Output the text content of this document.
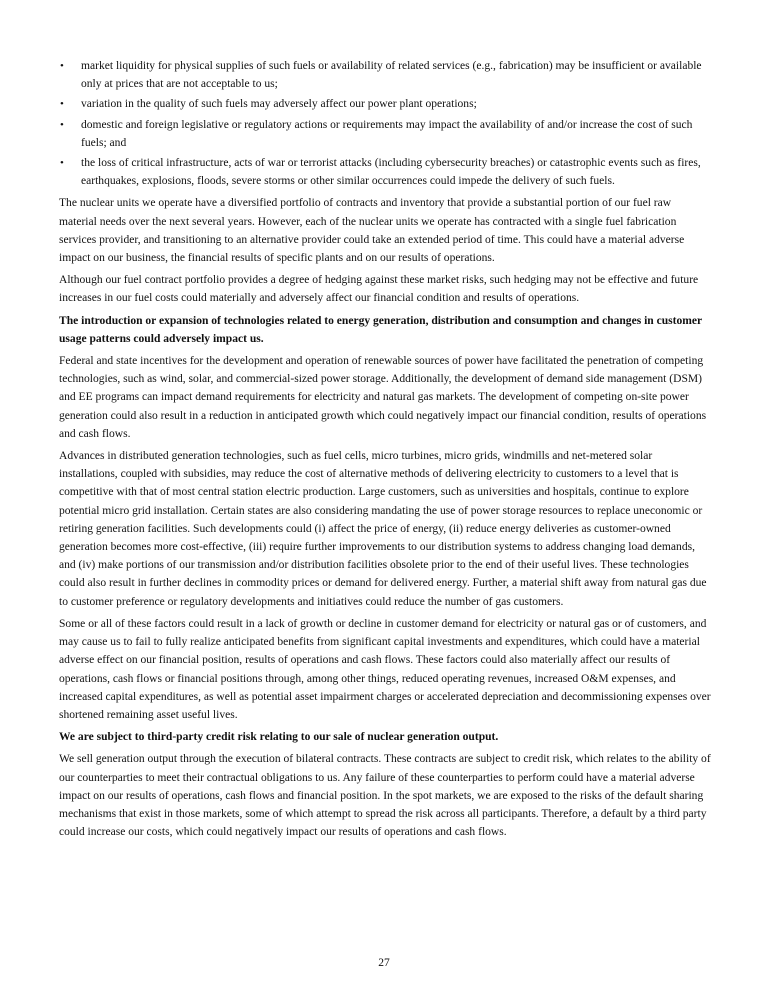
• market liquidity for physical supplies of such fuels or availability of related services (e.g., fabrication) may be insufficient or available only at prices that are not acceptable to us;
• variation in the quality of such fuels may adversely affect our power plant operations;
• domestic and foreign legislative or regulatory actions or requirements may impact the availability of and/or increase the cost of such fuels; and
• the loss of critical infrastructure, acts of war or terrorist attacks (including cybersecurity breaches) or catastrophic events such as fires, earthquakes, explosions, floods, severe storms or other similar occurrences could impede the delivery of such fuels.

The nuclear units we operate have a diversified portfolio of contracts and inventory that provide a substantial portion of our fuel raw material needs over the next several years. However, each of the nuclear units we operate has contracted with a single fuel fabrication services provider, and transitioning to an alternative provider could take an extended period of time. This could have a material adverse impact on our business, the financial results of specific plants and on our results of operations.

Although our fuel contract portfolio provides a degree of hedging against these market risks, such hedging may not be effective and future increases in our fuel costs could materially and adversely affect our financial condition and results of operations.

The introduction or expansion of technologies related to energy generation, distribution and consumption and changes in customer usage patterns could adversely impact us.

Federal and state incentives for the development and operation of renewable sources of power have facilitated the penetration of competing technologies, such as wind, solar, and commercial-sized power storage. Additionally, the development of demand side management (DSM) and EE programs can impact demand requirements for electricity and natural gas markets. The development of competing on-site power generation could also result in a reduction in anticipated growth which could negatively impact our financial condition, results of operations and cash flows.

Advances in distributed generation technologies, such as fuel cells, micro turbines, micro grids, windmills and net-metered solar installations, coupled with subsidies, may reduce the cost of alternative methods of delivering electricity to customers to a level that is competitive with that of most central station electric production. Large customers, such as universities and hospitals, continue to explore potential micro grid installation. Certain states are also considering mandating the use of power storage resources to replace uneconomic or retiring generation facilities. Such developments could (i) affect the price of energy, (ii) reduce energy deliveries as customer-owned generation becomes more cost-effective, (iii) require further improvements to our distribution systems to address changing load demands, and (iv) make portions of our transmission and/or distribution facilities obsolete prior to the end of their useful lives. These technologies could also result in further declines in commodity prices or demand for delivered energy. Further, a material shift away from natural gas due to customer preference or regulatory developments and initiatives could reduce the number of gas customers.

Some or all of these factors could result in a lack of growth or decline in customer demand for electricity or natural gas or of customers, and may cause us to fail to fully realize anticipated benefits from significant capital investments and expenditures, which could have a material adverse effect on our financial position, results of operations and cash flows. These factors could also materially affect our results of operations, cash flows or financial positions through, among other things, reduced operating revenues, increased O&M expenses, and increased capital expenditures, as well as potential asset impairment charges or accelerated depreciation and decommissioning expenses over shortened remaining asset useful lives.

We are subject to third-party credit risk relating to our sale of nuclear generation output.

We sell generation output through the execution of bilateral contracts. These contracts are subject to credit risk, which relates to the ability of our counterparties to meet their contractual obligations to us. Any failure of these counterparties to perform could have a material adverse impact on our results of operations, cash flows and financial position. In the spot markets, we are exposed to the risks of the default sharing mechanisms that exist in those markets, some of which attempt to spread the risk across all participants. Therefore, a default by a third party could increase our costs, which could negatively impact our results of operations and cash flows.

27
